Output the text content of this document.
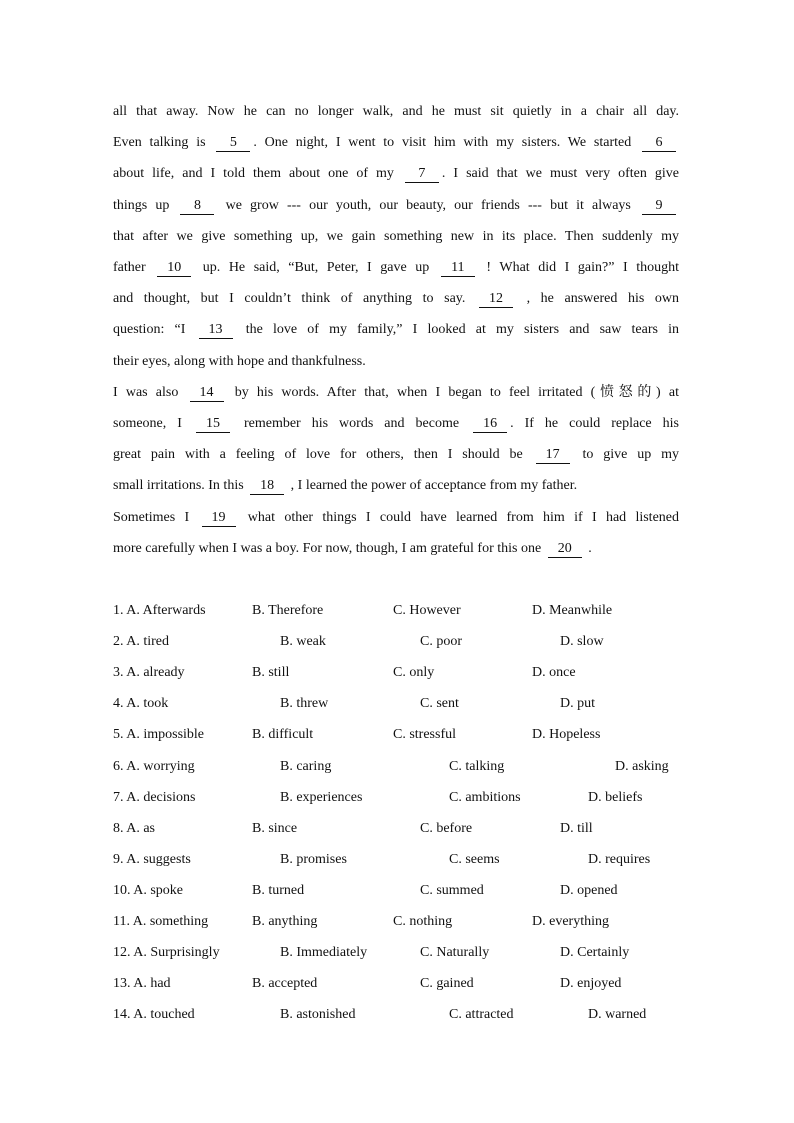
all that away. Now he can no longer walk, and he must sit quietly in a chair all day.
Even talking is 5 . One night, I went to visit him with my sisters. We started 6
about life, and I told them about one of my 7 . I said that we must very often give
things up 8 we grow --- our youth, our beauty, our friends --- but it always 9
that after we give something up, we gain something new in its place. Then suddenly my
father 10 up. He said, “But, Peter, I gave up 11 ! What did I gain?” I thought
and thought, but I couldn’t think of anything to say. 12 , he answered his own
question: “I 13 the love of my family,” I looked at my sisters and saw tears in
their eyes, along with hope and thankfulness.
I was also 14 by his words. After that, when I began to feel irritated (愤怒的) at
someone, I 15 remember his words and become 16 . If he could replace his
great pain with a feeling of love for others, then I should be 17 to give up my
small irritations. In this 18 , I learned the power of acceptance from my father.
Sometimes I 19 what other things I could have learned from him if I had listened
more carefully when I was a boy. For now, though, I am grateful for this one 20 .
1. A. Afterwards	B. Therefore	C. However	D. Meanwhile
2. A. tired	B. weak	C. poor	D. slow
3. A. already	B. still	C. only	D. once
4. A. took	B. threw	C. sent	D. put
5. A. impossible	B. difficult	C. stressful	D. Hopeless
6. A. worrying	B. caring	C. talking	D. asking
7. A. decisions	B. experiences	C. ambitions	D. beliefs
8. A. as	B. since	C. before	D. till
9. A. suggests	B. promises	C. seems	D. requires
10. A. spoke	B. turned	C. summed	D. opened
11. A. something	B. anything	C. nothing	D. everything
12. A. Surprisingly	B. Immediately	C. Naturally	D. Certainly
13. A. had	B. accepted	C. gained	D. enjoyed
14. A. touched	B. astonished	C. attracted	D. warned
